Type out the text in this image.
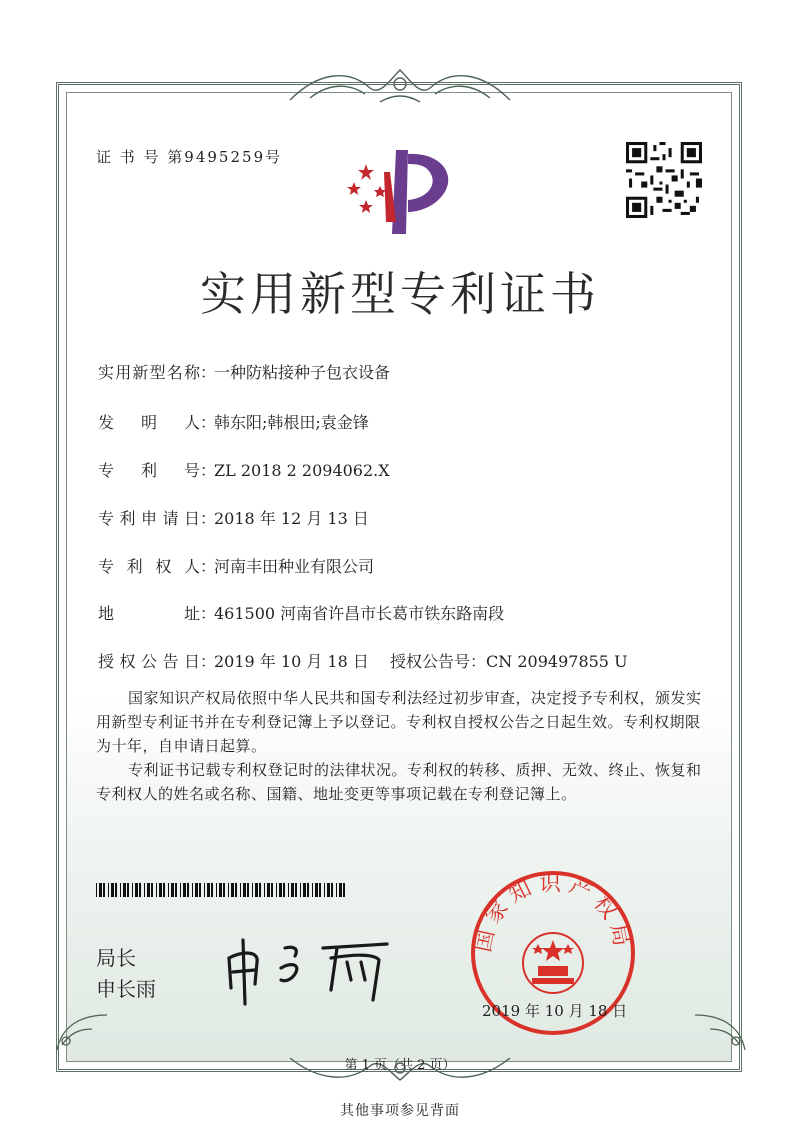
证 书 号 第9495259号
实用新型专利证书
实用新型名称：一种防粘接种子包衣设备
发 明 人：韩东阳;韩根田;袁金锋
专 利 号：ZL 2018 2 2094062.X
专利申请日：2018 年 12 月 13 日
专 利 权 人：河南丰田种业有限公司
地 址：461500 河南省许昌市长葛市铁东路南段
授权公告日：2019 年 10 月 18 日 授权公告号：CN 209497855 U
国家知识产权局依照中华人民共和国专利法经过初步审查，决定授予专利权，颁发实用新型专利证书并在专利登记簿上予以登记。专利权自授权公告之日起生效。专利权期限为十年，自申请日起算。
专利证书记载专利权登记时的法律状况。专利权的转移、质押、无效、终止、恢复和专利权人的姓名或名称、国籍、地址变更等事项记载在专利登记簿上。
局长
申长雨
国家知识产权局
2019 年 10 月 18 日
第 1 页（共 2 页）
其他事项参见背面
